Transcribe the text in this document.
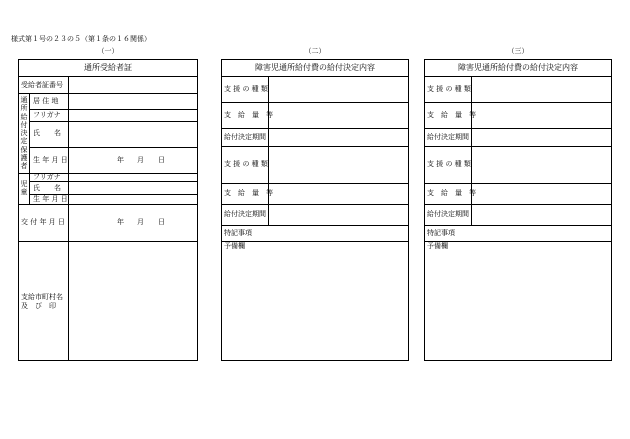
様式第１号の２３の５（第１条の１６関係）
（一）
通所受給者証
受給者証番号
通所給付決定保護者
居 住 地
フリガナ
氏　　名
生 年 月 日	年 月 日
児童
フリガナ
氏　　名
生 年 月 日
交 付 年 月 日	年 月 日
支給市町村名
及　び　印
（二）
障害児通所給付費の給付決定内容
支 援 の 種 類
支　給　量　等
給付決定期間
支 援 の 種 類
支　給　量　等
給付決定期間
特記事項
予備欄
（三）
障害児通所給付費の給付決定内容
支 援 の 種 類
支　給　量　等
給付決定期間
支 援 の 種 類
支　給　量　等
給付決定期間
特記事項
予備欄
